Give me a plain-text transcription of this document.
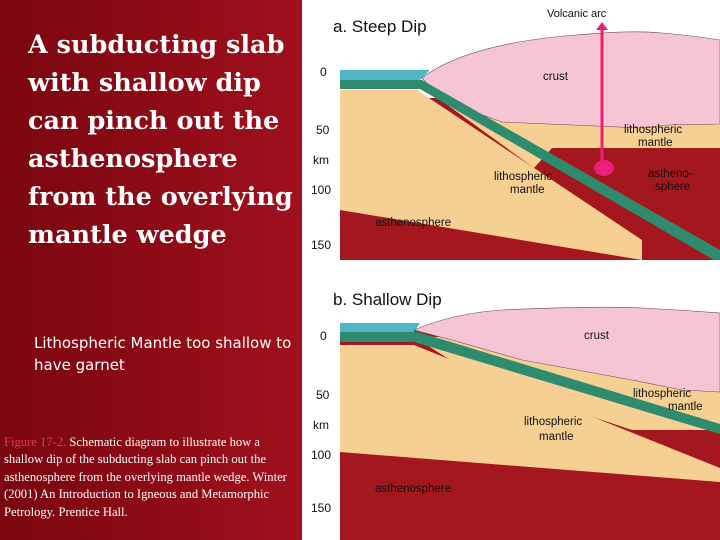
A subducting slab with shallow dip can pinch out the asthenosphere from the overlying mantle wedge

Lithospheric Mantle too shallow to have garnet

Figure 17-2. Schematic diagram to illustrate how a shallow dip of the subducting slab can pinch out the asthenosphere from the overlying mantle wedge. Winter (2001) An Introduction to Igneous and Metamorphic Petrology. Prentice Hall.
a. Steep Dip
Volcanic arc
crust
lithospheric
mantle
lithospheric
mantle
astheno-
sphere
asthenosphere
0
50
km
100
150
b. Shallow Dip
crust
lithospheric
mantle
lithospheric
mantle
asthenosphere
0
50
km
100
150
